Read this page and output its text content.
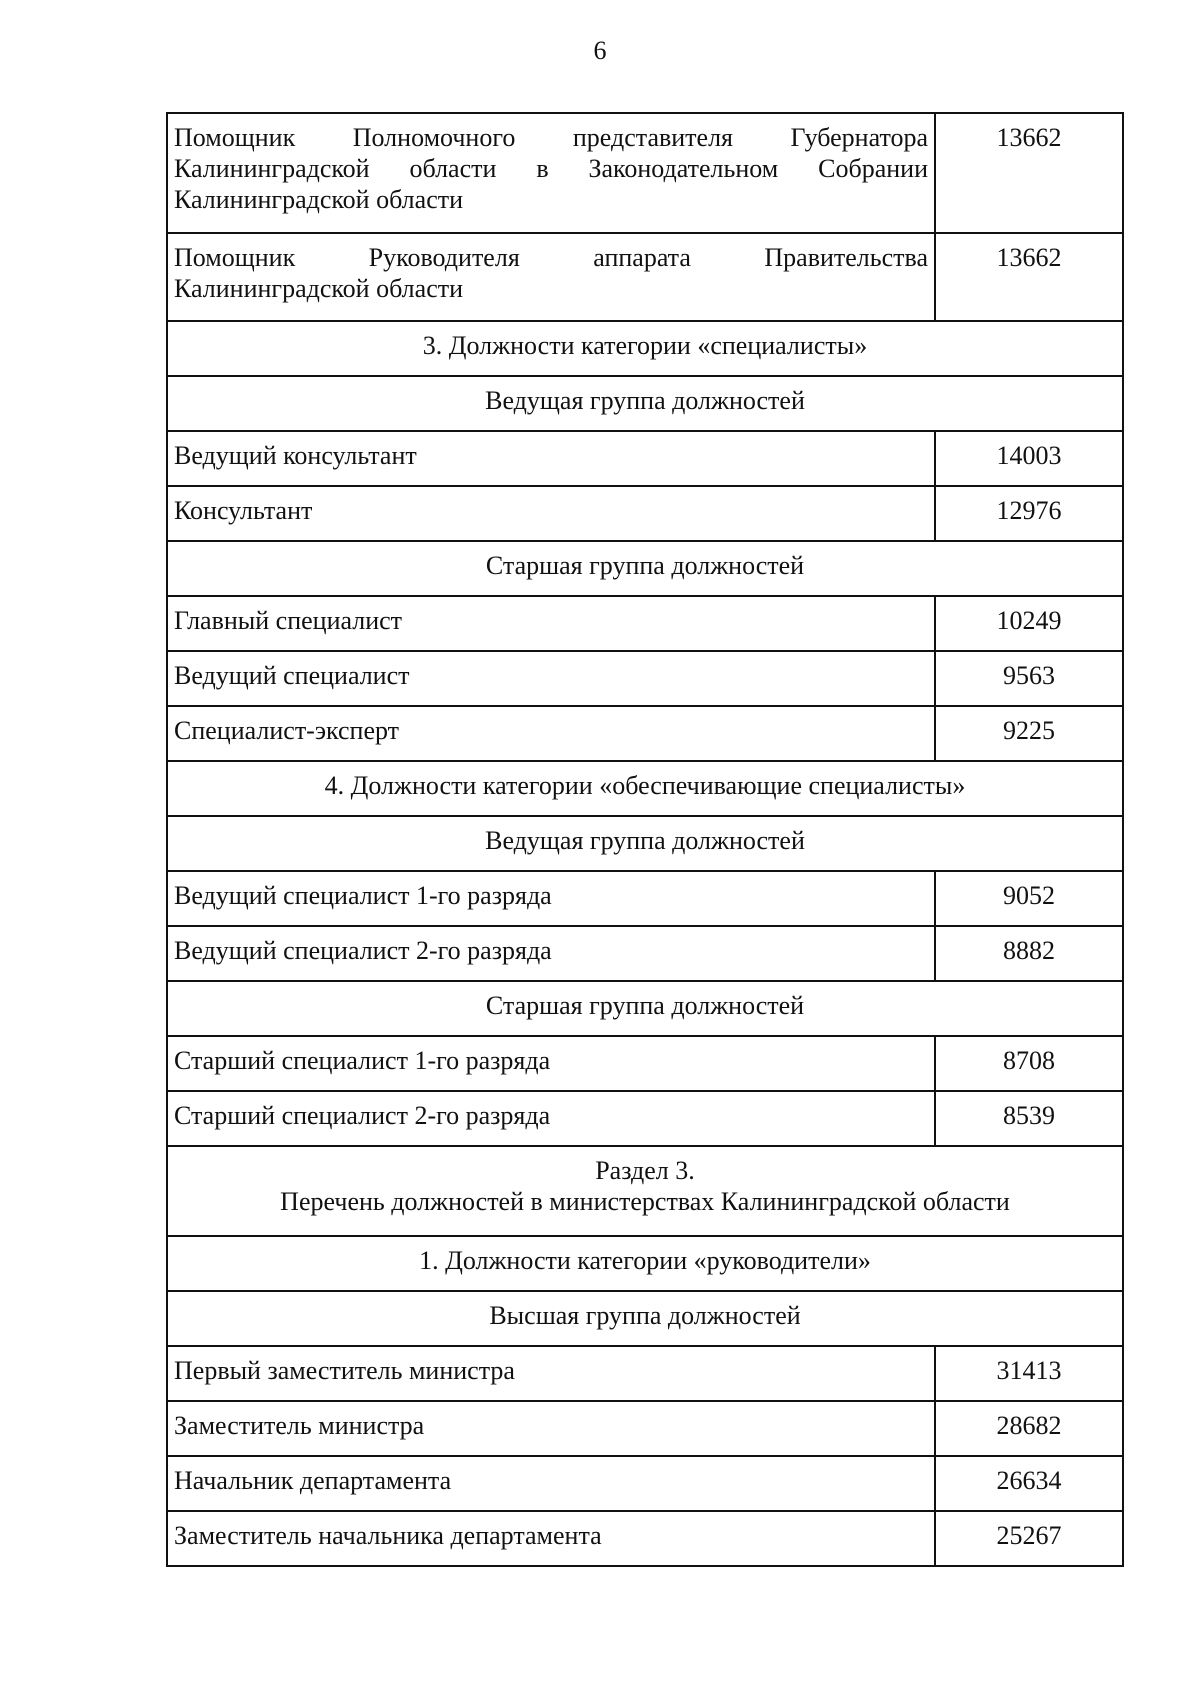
6
Помощник Полномочного представителя Губернатора Калининградской области в Законодательном Собрании Калининградской области	13662
Помощник Руководителя аппарата Правительства Калининградской области	13662

3. Должности категории «специалисты»	

Ведущая группа должностей	

Ведущий консультант	14003
Консультант	12976

Старшая группа должностей	

Главный специалист	10249
Ведущий специалист	9563
Специалист-эксперт	9225

4. Должности категории «обеспечивающие специалисты»	

Ведущая группа должностей	

Ведущий специалист 1-го разряда	9052
Ведущий специалист 2-го разряда	8882

Старшая группа должностей	

Старший специалист 1-го разряда	8708
Старший специалист 2-го разряда	8539

Раздел 3.
Перечень должностей в министерствах Калининградской области	

1. Должности категории «руководители»	

Высшая группа должностей	

Первый заместитель министра	31413
Заместитель министра	28682
Начальник департамента	26634
Заместитель начальника департамента	25267
